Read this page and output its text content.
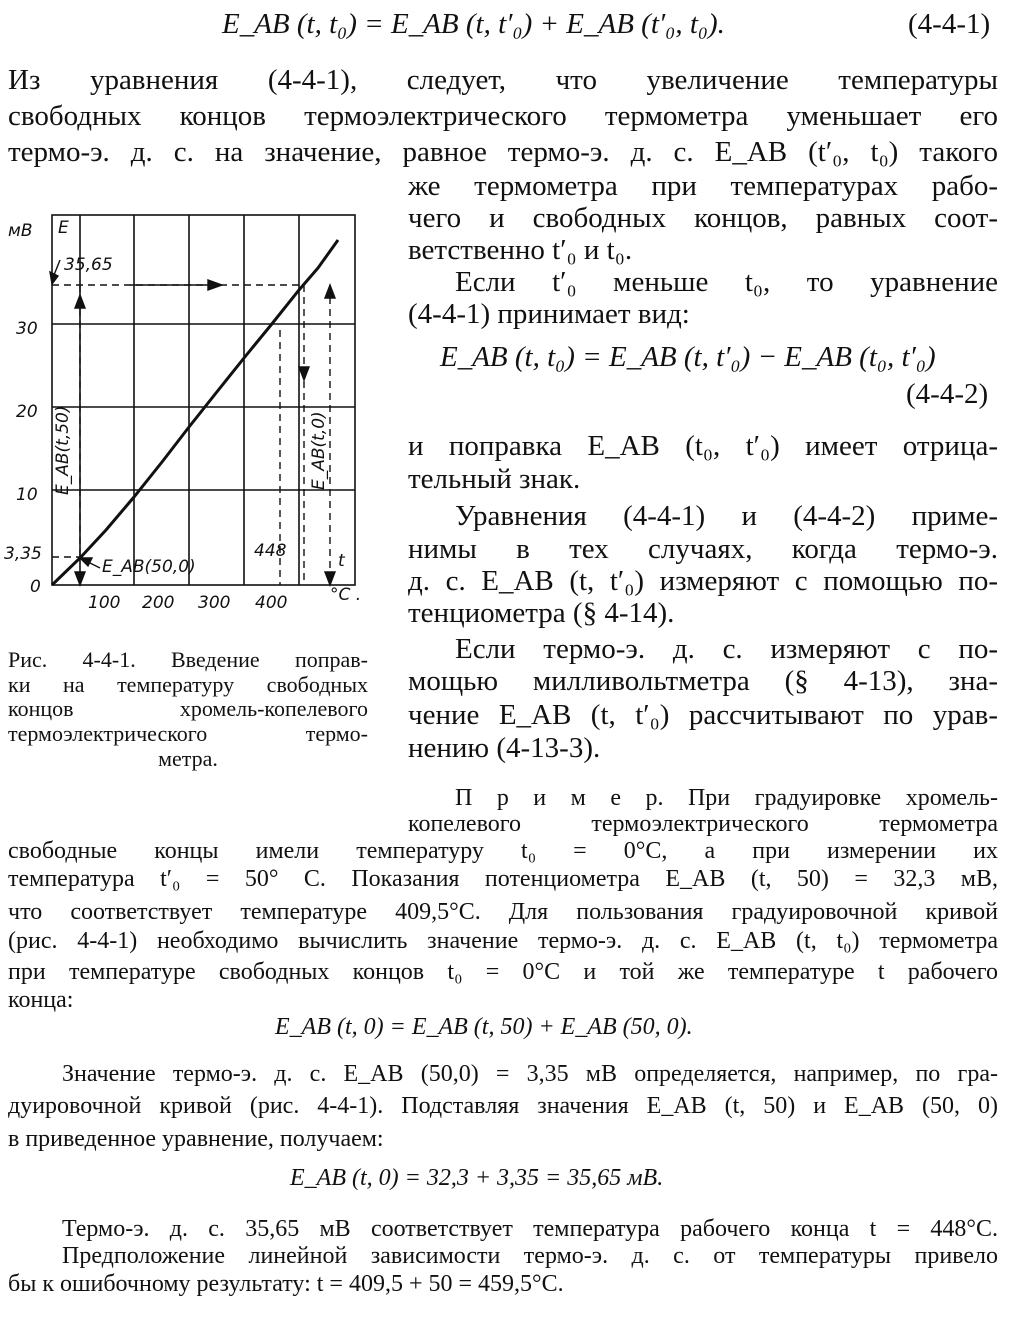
E_AB (t, t₀) = E_AB (t, t′₀) + E_AB (t′₀, t₀).	(4-4-1)
Из уравнения (4-4-1), следует, что увеличение температуры
свободных концов термоэлектрического термометра уменьшает его
термо-э. д. с. на значение, равное термо-э. д. с. E_AB (t′₀, t₀) такого
же термометра при температурах рабо-
чего и свободных концов, равных соот-
ветственно t′₀ и t₀.
Если t′₀ меньше t₀, то уравнение
(4-4-1) принимает вид:
E_AB (t, t₀) = E_AB (t, t′₀) − E_AB (t₀, t′₀)
(4-4-2)
и поправка E_AB (t₀, t′₀) имеет отрица-
тельный знак.
Уравнения (4-4-1) и (4-4-2) приме-
нимы в тех случаях, когда термо-э.
д. с. E_AB (t, t′₀) измеряют с помощью по-
тенциометра (§ 4-14).
Если термо-э. д. с. измеряют с по-
мощью милливольтметра (§ 4-13), зна-
чение E_AB (t, t′₀) рассчитывают по урав-
нению (4-13-3).
мВ E
35,65
30
20
10
3,35
0
100 200 300 400	°С .
t
448
E_AB(50,0)
E_AB(t,50)	E_AB(t,0)
Рис. 4-4-1. Введение поправ-
ки на температуру свободных
концов хромель-копелевого
термоэлектрического термо-
метра.
П р и м е р. При градуировке хромель-
копелевого термоэлектрического термометра
свободные концы имели температуру t₀ = 0°С, а при измерении их
температура t′₀ = 50° С. Показания потенциометра E_AB (t, 50) = 32,3 мВ,
что соответствует температуре 409,5°С. Для пользования градуировочной кривой
(рис. 4-4-1) необходимо вычислить значение термо-э. д. с. E_AB (t, t₀) термометра
при температуре свободных концов t₀ = 0°С и той же температуре t рабочего
конца:
E_AB (t, 0) = E_AB (t, 50) + E_AB (50, 0).
Значение термо-э. д. с. E_AB (50,0) = 3,35 мВ определяется, например, по гра-
дуировочной кривой (рис. 4-4-1). Подставляя значения E_AB (t, 50) и E_AB (50, 0)
в приведенное уравнение, получаем:
E_AB (t, 0) = 32,3 + 3,35 = 35,65 мВ.
Термо-э. д. с. 35,65 мВ соответствует температура рабочего конца t = 448°С.
Предположение линейной зависимости термо-э. д. с. от температуры привело
бы к ошибочному результату: t = 409,5 + 50 = 459,5°С.
